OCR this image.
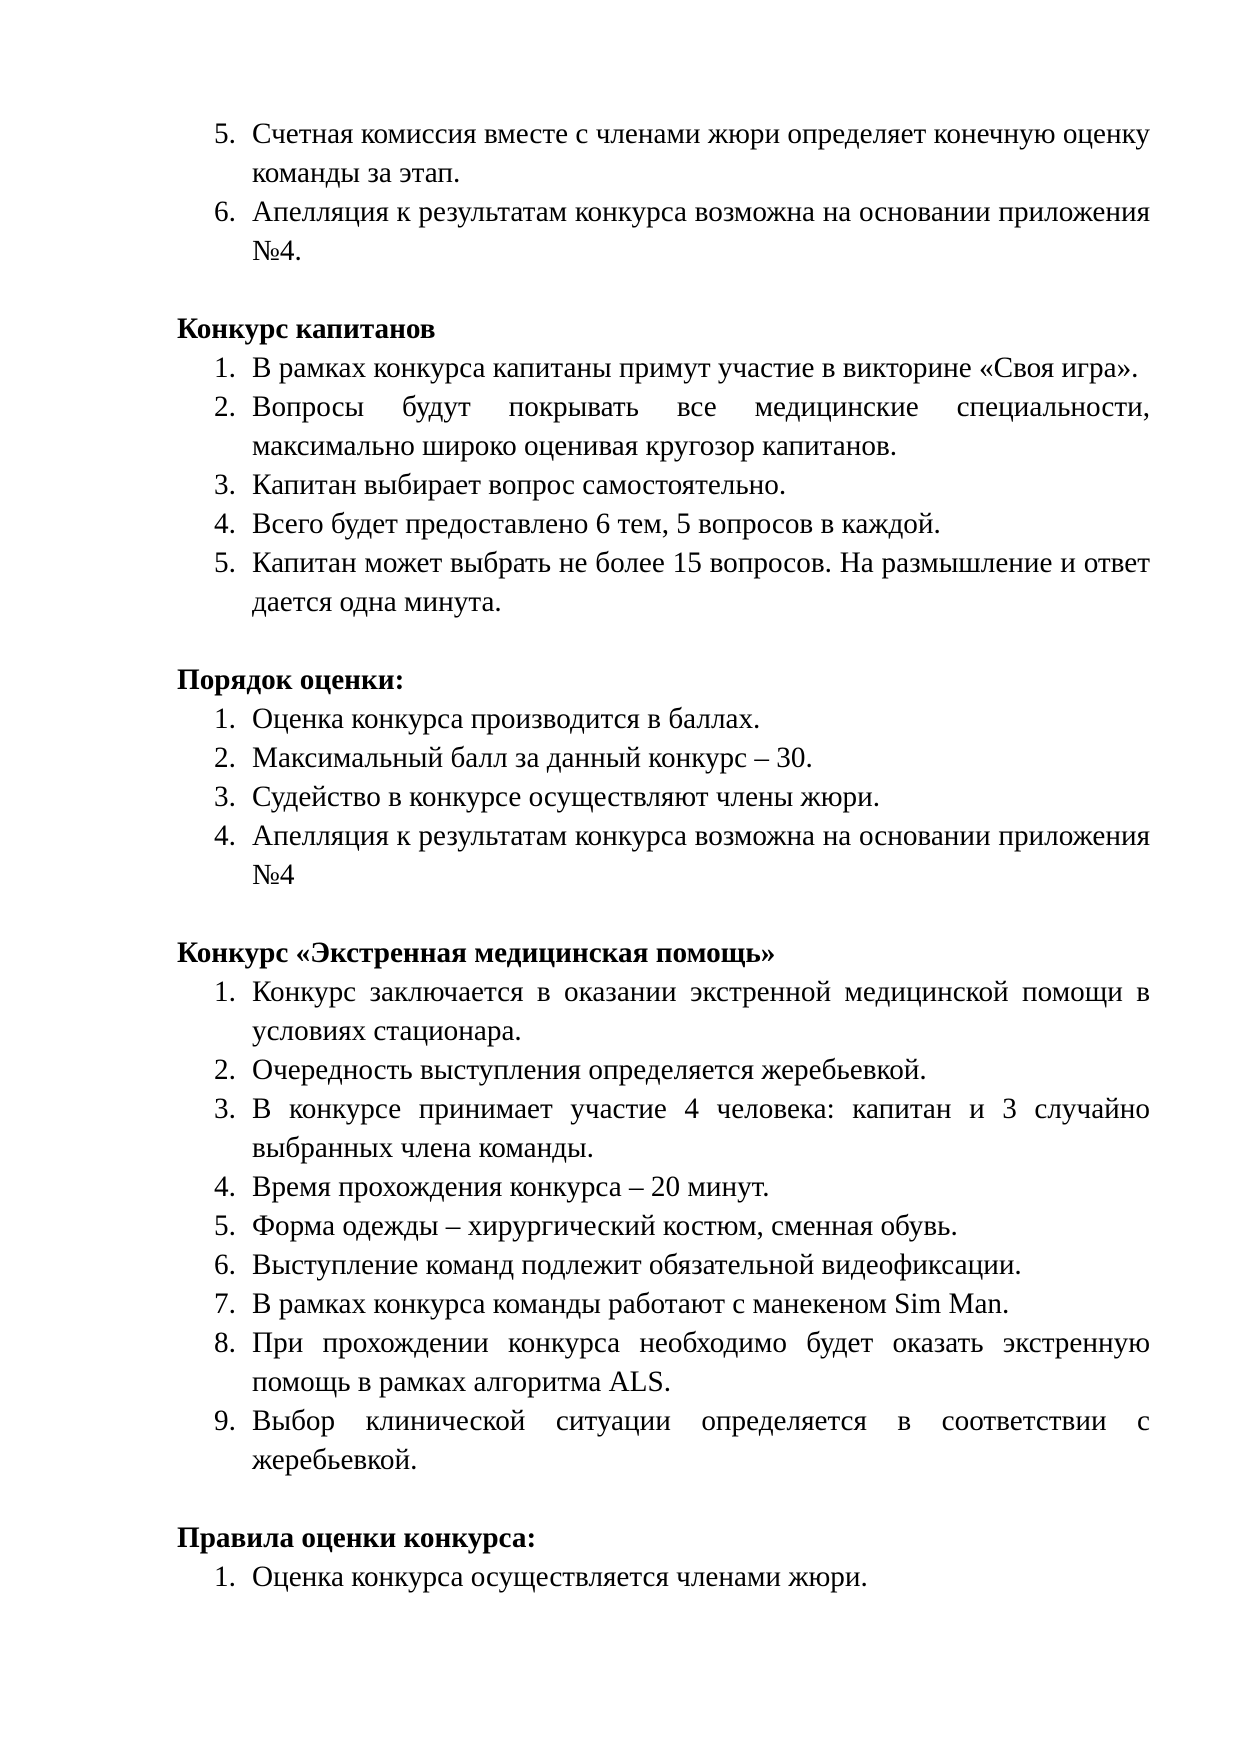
5. Счетная комиссия вместе с членами жюри определяет конечную оценку команды за этап.
6. Апелляция к результатам конкурса возможна на основании приложения №4.
Конкурс капитанов
1. В рамках конкурса капитаны примут участие в викторине «Своя игра».
2. Вопросы будут покрывать все медицинские специальности, максимально широко оценивая кругозор капитанов.
3. Капитан выбирает вопрос самостоятельно.
4. Всего будет предоставлено 6 тем, 5 вопросов в каждой.
5. Капитан может выбрать не более 15 вопросов. На размышление и ответ дается одна минута.
Порядок оценки:
1. Оценка конкурса производится в баллах.
2. Максимальный балл за данный конкурс – 30.
3. Судейство в конкурсе осуществляют члены жюри.
4. Апелляция к результатам конкурса возможна на основании приложения №4
Конкурс «Экстренная медицинская помощь»
1. Конкурс заключается в оказании экстренной медицинской помощи в условиях стационара.
2. Очередность выступления определяется жеребьевкой.
3. В конкурсе принимает участие 4 человека: капитан и 3 случайно выбранных члена команды.
4. Время прохождения конкурса – 20 минут.
5. Форма одежды – хирургический костюм, сменная обувь.
6. Выступление команд подлежит обязательной видеофиксации.
7. В рамках конкурса команды работают с манекеном Sim Man.
8. При прохождении конкурса необходимо будет оказать экстренную помощь в рамках алгоритма ALS.
9. Выбор клинической ситуации определяется в соответствии с жеребьевкой.
Правила оценки конкурса:
1. Оценка конкурса осуществляется членами жюри.
